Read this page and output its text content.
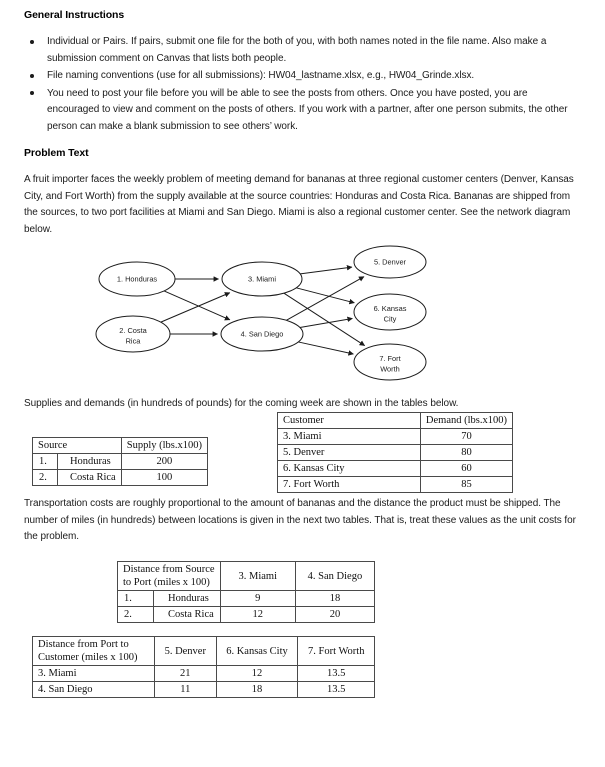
General Instructions
Individual or Pairs. If pairs, submit one file for the both of you, with both names noted in the file name. Also make a submission comment on Canvas that lists both people.
File naming conventions (use for all submissions): HW04_lastname.xlsx, e.g., HW04_Grinde.xlsx.
You need to post your file before you will be able to see the posts from others. Once you have posted, you are encouraged to view and comment on the posts of others. If you work with a partner, after one person submits, the other person can make a blank submission to see others’ work.
Problem Text
A fruit importer faces the weekly problem of meeting demand for bananas at three regional customer centers (Denver, Kansas City, and Fort Worth) from the supply available at the source countries: Honduras and Costa Rica. Bananas are shipped from the sources, to two port facilities at Miami and San Diego. Miami is also a regional customer center. See the network diagram below.
1. Honduras
2. Costa
Rica
3. Miami
4. San Diego
5. Denver
6. Kansas
City
7. Fort
Worth
Supplies and demands (in hundreds of pounds) for the coming week are shown in the tables below.
Source		Supply (lbs.x100)
1.	Honduras	200
2.	Costa Rica	100
Customer	Demand (lbs.x100)
3. Miami	70
5. Denver	80
6. Kansas City	60
7. Fort Worth	85
Transportation costs are roughly proportional to the amount of bananas and the distance the product must be shipped. The number of miles (in hundreds) between locations is given in the next two tables. That is, treat these values as the unit costs for the problem.
Distance from Source
to Port (miles x 100)		3. Miami	4. San Diego
1.	Honduras	9	18
2.	Costa Rica	12	20
Distance from Port to
Customer (miles x 100)	5. Denver	6. Kansas City	7. Fort Worth
3. Miami	21	12	13.5
4. San Diego	11	18	13.5
